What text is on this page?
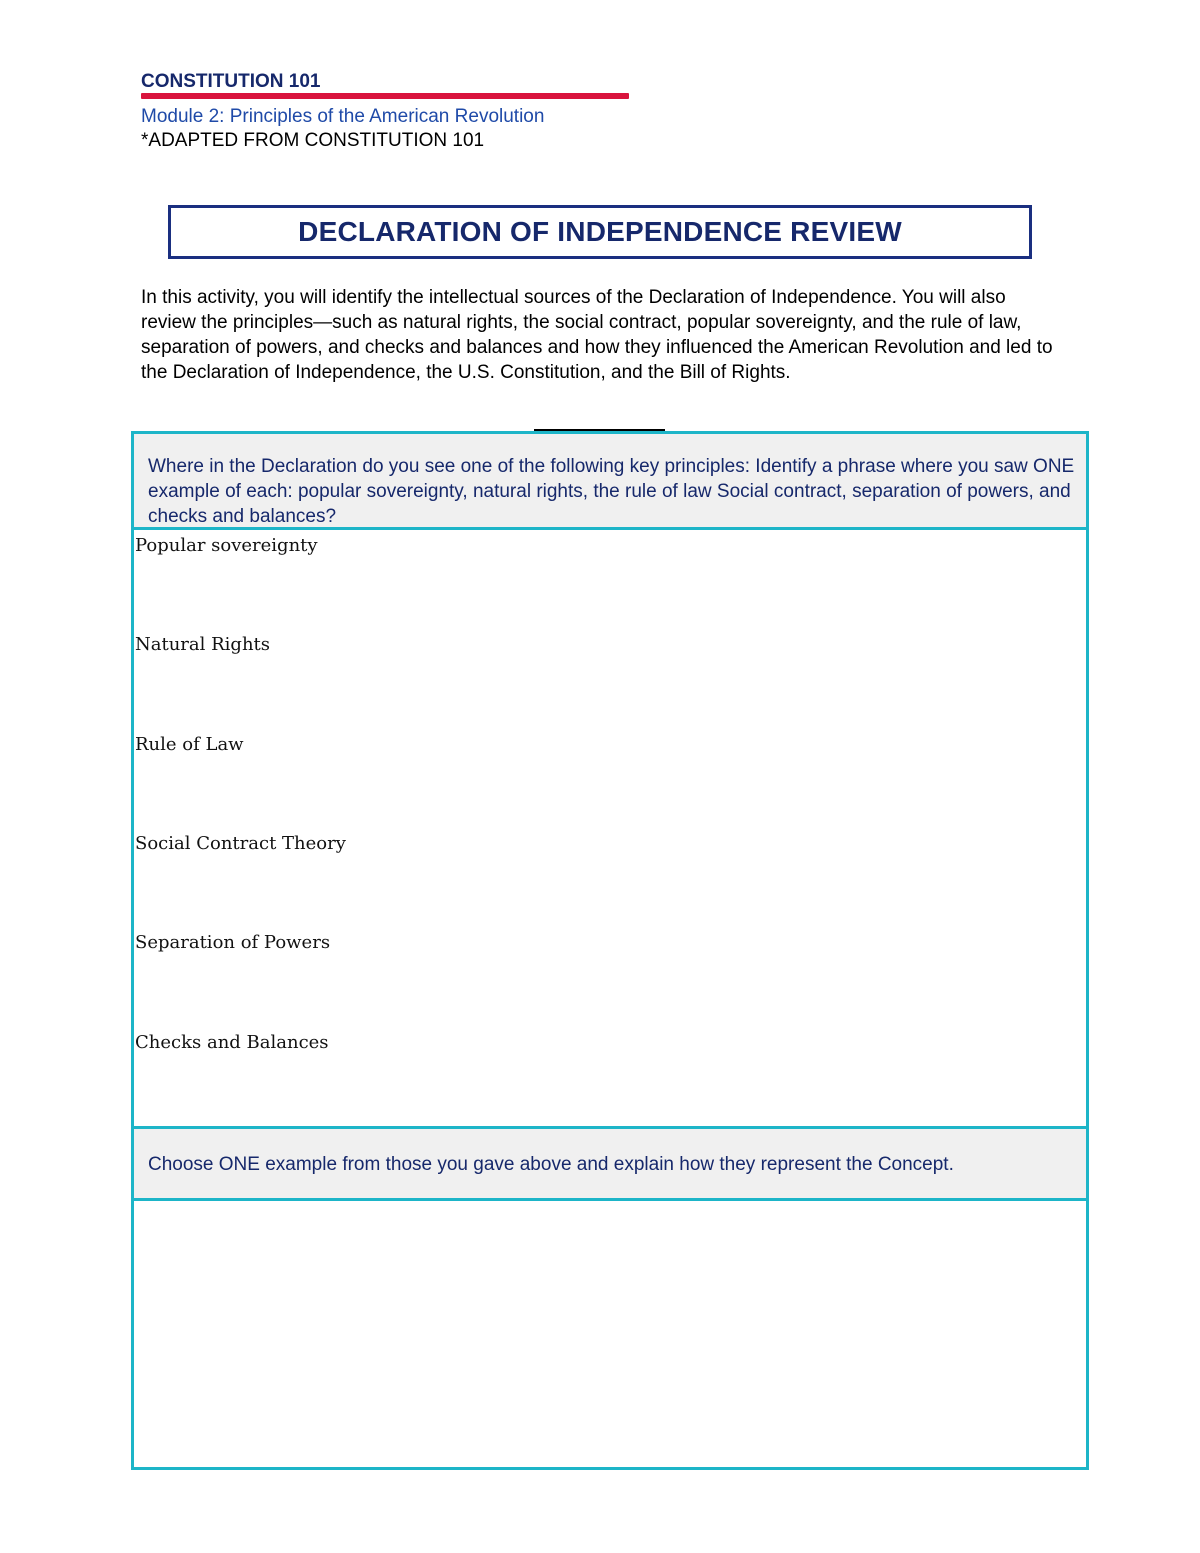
CONSTITUTION 101
Module 2: Principles of the American Revolution
*ADAPTED FROM CONSTITUTION 101
DECLARATION OF INDEPENDENCE REVIEW
In this activity, you will identify the intellectual sources of the Declaration of Independence. You will also review the principles—such as natural rights, the social contract, popular sovereignty, and the rule of law, separation of powers, and checks and balances and how they influenced the American Revolution and led to the Declaration of Independence, the U.S. Constitution, and the Bill of Rights.
Where in the Declaration do you see one of the following key principles: Identify a phrase where you saw ONE example of each: popular sovereignty, natural rights, the rule of law Social contract, separation of powers, and checks and balances?
Popular sovereignty
Natural Rights
Rule of Law
Social Contract Theory
Separation of Powers
Checks and Balances
Choose ONE example from those you gave above and explain how they represent the Concept.
